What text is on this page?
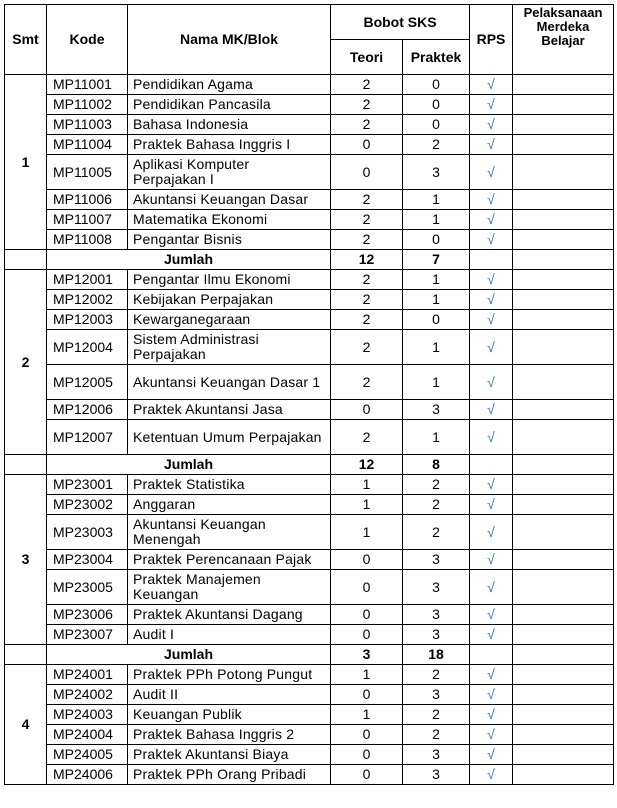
Smt	Kode	Nama MK/Blok	Bobot SKS		RPS	Pelaksanaan Merdeka Belajar
			Teori	Praktek		
1	MP11001	Pendidikan Agama	2	0	√	
	MP11002	Pendidikan Pancasila	2	0	√	
	MP11003	Bahasa Indonesia	2	0	√	
	MP11004	Praktek Bahasa Inggris I	0	2	√	
	MP11005	Aplikasi Komputer Perpajakan I	0	3	√	
	MP11006	Akuntansi Keuangan Dasar	2	1	√	
	MP11007	Matematika Ekonomi	2	1	√	
	MP11008	Pengantar Bisnis	2	0	√	
	Jumlah		12	7		
2	MP12001	Pengantar Ilmu Ekonomi	2	1	√	
	MP12002	Kebijakan Perpajakan	2	1	√	
	MP12003	Kewarganegaraan	2	0	√	
	MP12004	Sistem Administrasi Perpajakan	2	1	√	
	MP12005	Akuntansi Keuangan Dasar 1	2	1	√	
	MP12006	Praktek Akuntansi Jasa	0	3	√	
	MP12007	Ketentuan Umum Perpajakan	2	1	√	
	Jumlah		12	8		
3	MP23001	Praktek Statistika	1	2	√	
	MP23002	Anggaran	1	2	√	
	MP23003	Akuntansi Keuangan Menengah	1	2	√	
	MP23004	Praktek Perencanaan Pajak	0	3	√	
	MP23005	Praktek Manajemen Keuangan	0	3	√	
	MP23006	Praktek Akuntansi Dagang	0	3	√	
	MP23007	Audit I	0	3	√	
	Jumlah		3	18		
4	MP24001	Praktek PPh Potong Pungut	1	2	√	
	MP24002	Audit II	0	3	√	
	MP24003	Keuangan Publik	1	2	√	
	MP24004	Praktek Bahasa Inggris 2	0	2	√	
	MP24005	Praktek Akuntansi Biaya	0	3	√	
	MP24006	Praktek PPh Orang Pribadi	0	3	√	
